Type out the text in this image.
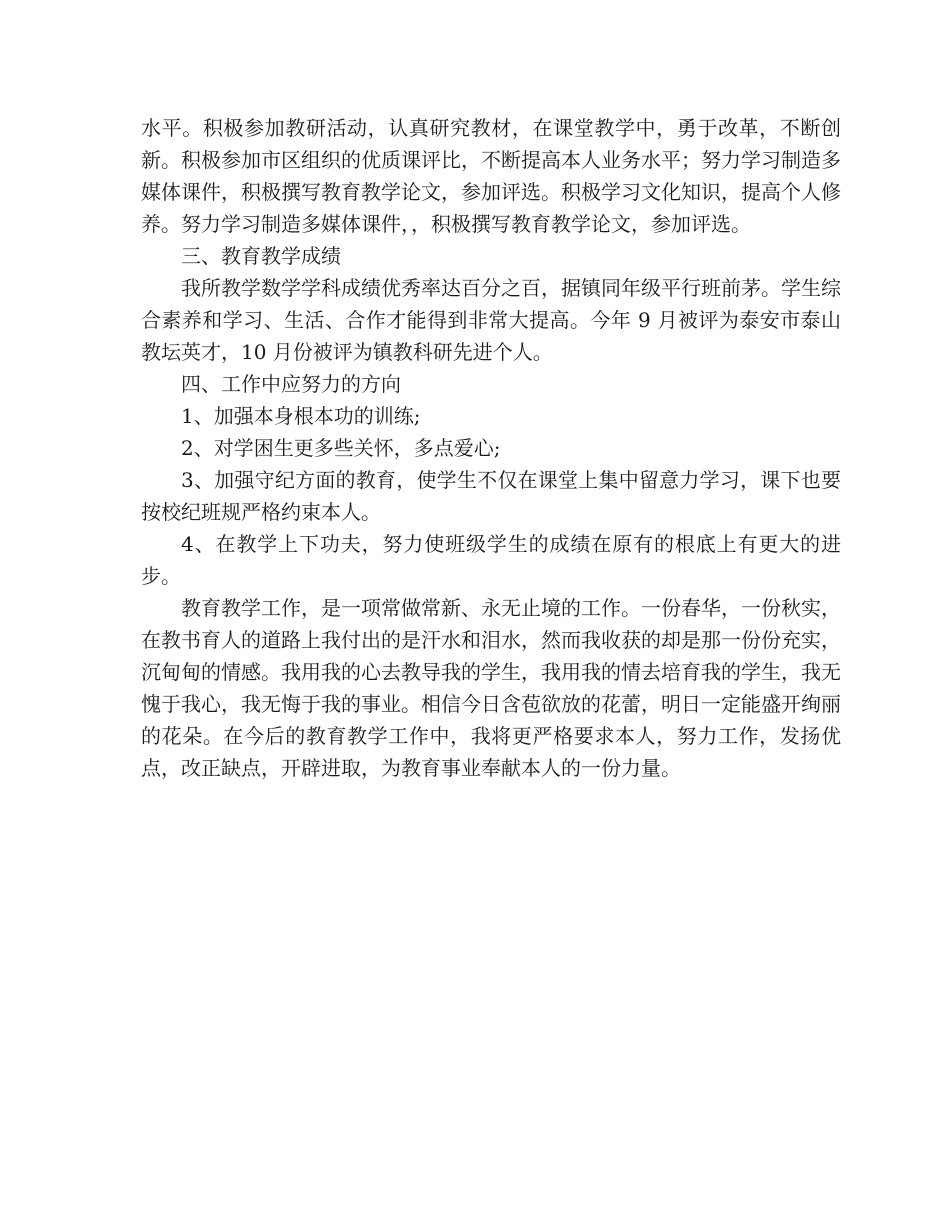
水平。积极参加教研活动，认真研究教材，在课堂教学中，勇于改革，不断创新。积极参加市区组织的优质课评比，不断提高本人业务水平；努力学习制造多媒体课件，积极撰写教育教学论文，参加评选。积极学习文化知识，提高个人修养。努力学习制造多媒体课件，，积极撰写教育教学论文，参加评选。

三、教育教学成绩

我所教学数学学科成绩优秀率达百分之百，据镇同年级平行班前茅。学生综合素养和学习、生活、合作才能得到非常大提高。今年 9 月被评为泰安市泰山教坛英才，10 月份被评为镇教科研先进个人。

四、工作中应努力的方向

1、加强本身根本功的训练;

2、对学困生更多些关怀，多点爱心;

3、加强守纪方面的教育，使学生不仅在课堂上集中留意力学习，课下也要按校纪班规严格约束本人。

4、在教学上下功夫，努力使班级学生的成绩在原有的根底上有更大的进步。

教育教学工作，是一项常做常新、永无止境的工作。一份春华，一份秋实，在教书育人的道路上我付出的是汗水和泪水，然而我收获的却是那一份份充实，沉甸甸的情感。我用我的心去教导我的学生，我用我的情去培育我的学生，我无愧于我心，我无悔于我的事业。相信今日含苞欲放的花蕾，明日一定能盛开绚丽的花朵。在今后的教育教学工作中，我将更严格要求本人，努力工作，发扬优点，改正缺点，开辟进取，为教育事业奉献本人的一份力量。
